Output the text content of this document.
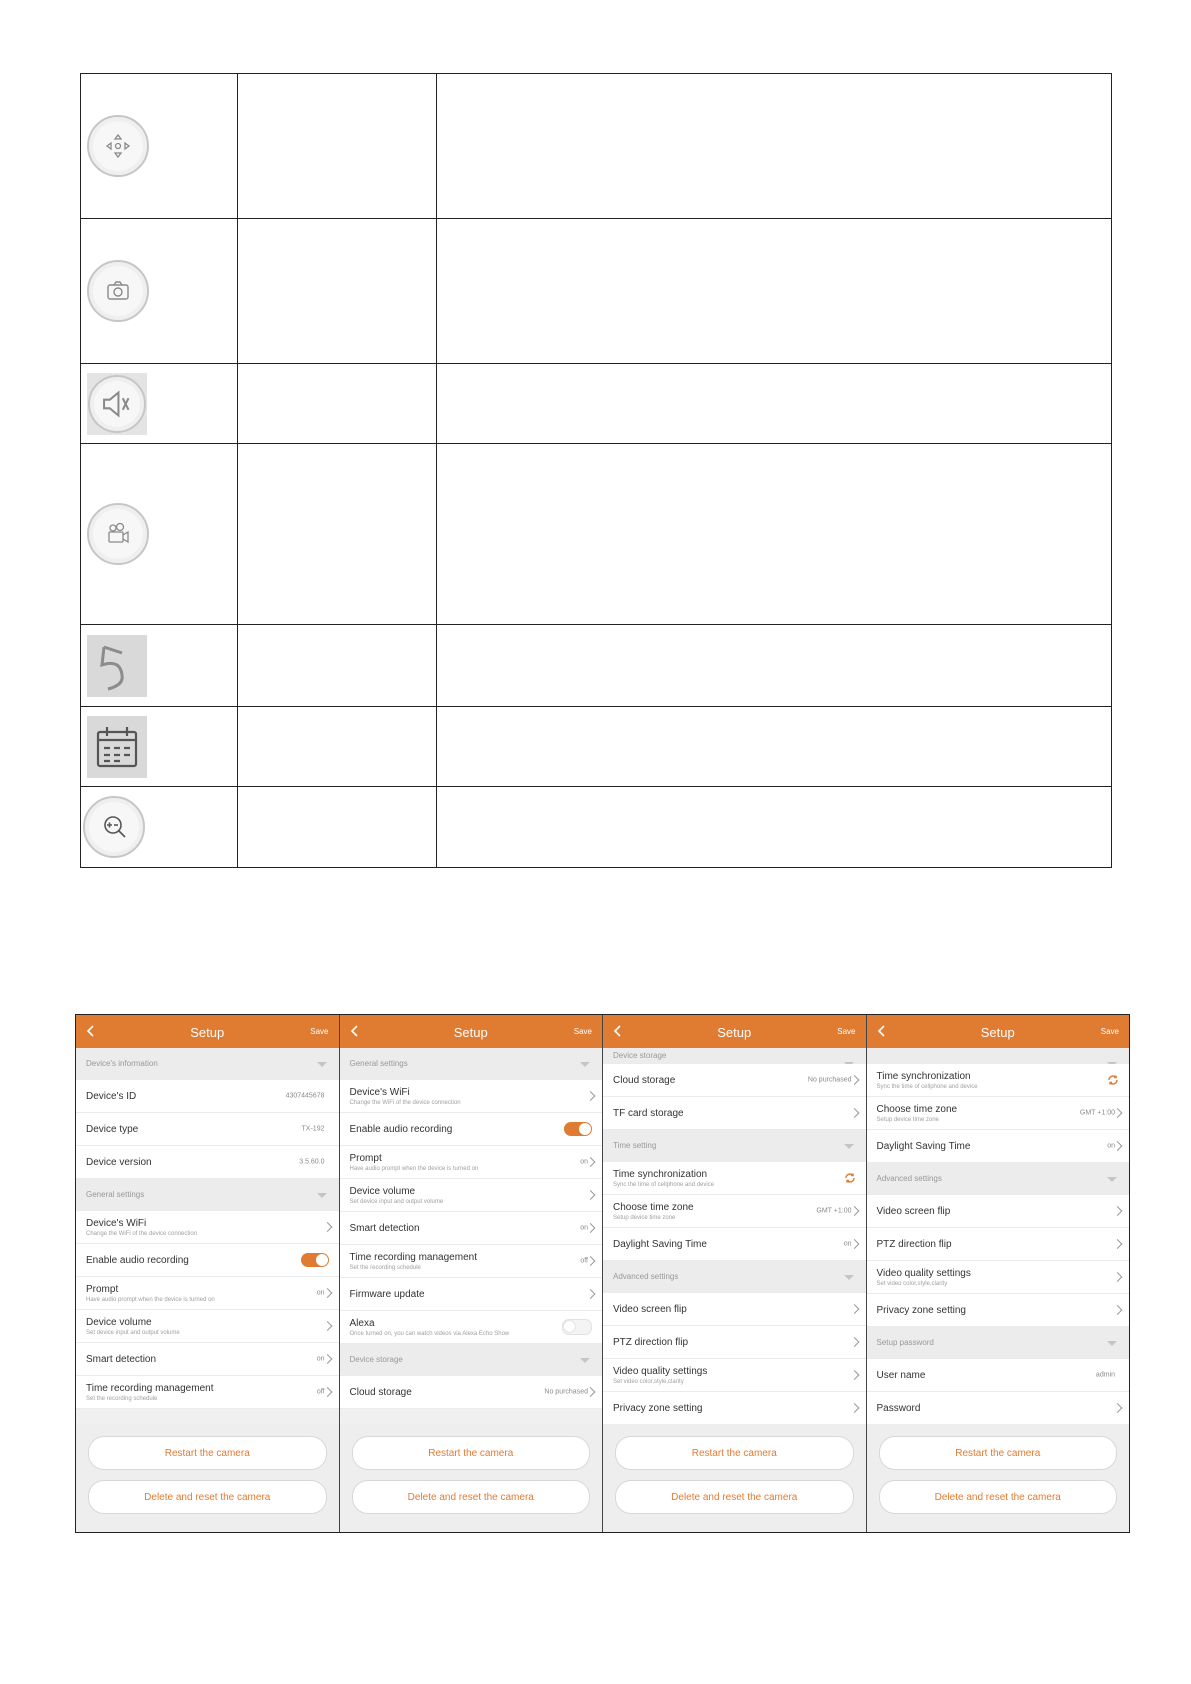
Setup	Save
Device's information
Device's ID	4307445678
Device type	TX-192
Device version	3.5.60.0
General settings
Device's WiFi
Change the WiFi of the device connection
Enable audio recording
Prompt
Have audio prompt when the device is turned on
on
Device volume
Set device input and output volume
Smart detection	on
Time recording management
Set the recording schedule
off
Restart the camera
Delete and reset the camera
Setup	Save
General settings
Device's WiFi
Change the WiFi of the device connection
Enable audio recording
Prompt
Have audio prompt when the device is turned on
on
Device volume
Set device input and output volume
Smart detection	on
Time recording management
Set the recording schedule
off
Firmware update
Alexa
Once turned on, you can watch videos via Alexa Echo Show
Device storage
Cloud storage	No purchased
Restart the camera
Delete and reset the camera
Setup	Save
Device storage
Cloud storage	No purchased
TF card storage
Time setting
Time synchronization
Sync the time of cellphone and device
Choose time zone
Setup device time zone
GMT +1:00
Daylight Saving Time	on
Advanced settings
Video screen flip
PTZ direction flip
Video quality settings
Set video color,style,clarity
Privacy zone setting
Restart the camera
Delete and reset the camera
Setup	Save
Time synchronization
Sync the time of cellphone and device
Choose time zone
Setup device time zone
GMT +1:00
Daylight Saving Time	on
Advanced settings
Video screen flip
PTZ direction flip
Video quality settings
Set video color,style,clarity
Privacy zone setting
Setup password
User name	admin
Password
Restart the camera
Delete and reset the camera
